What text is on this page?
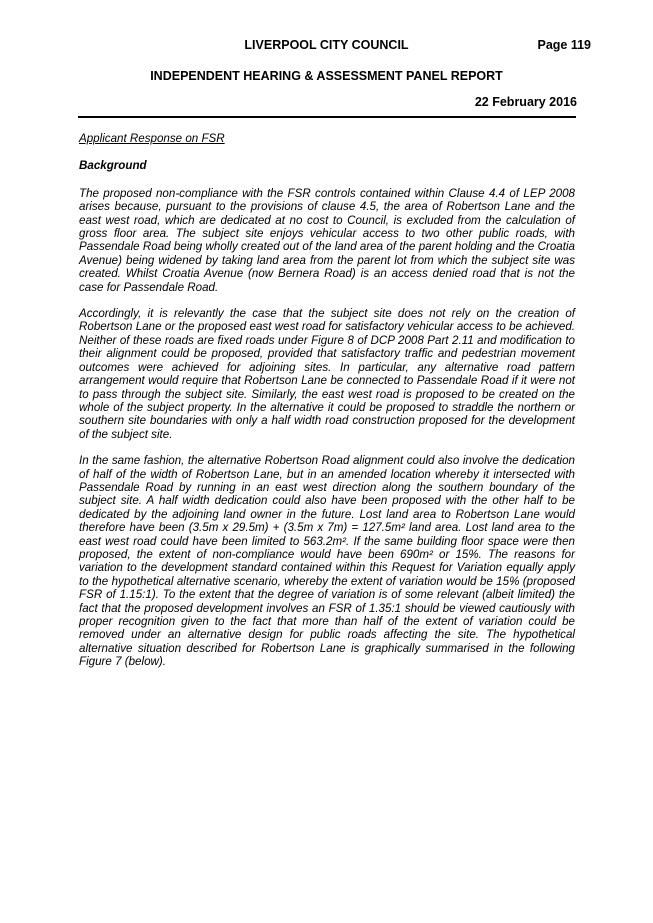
LIVERPOOL CITY COUNCIL	Page 119
INDEPENDENT HEARING & ASSESSMENT PANEL REPORT
22 February 2016
Applicant Response on FSR
Background

The proposed non-compliance with the FSR controls contained within Clause 4.4 of LEP 2008 arises because, pursuant to the provisions of clause 4.5, the area of Robertson Lane and the east west road, which are dedicated at no cost to Council, is excluded from the calculation of gross floor area. The subject site enjoys vehicular access to two other public roads, with Passendale Road being wholly created out of the land area of the parent holding and the Croatia Avenue) being widened by taking land area from the parent lot from which the subject site was created. Whilst Croatia Avenue (now Bernera Road) is an access denied road that is not the case for Passendale Road.

Accordingly, it is relevantly the case that the subject site does not rely on the creation of Robertson Lane or the proposed east west road for satisfactory vehicular access to be achieved. Neither of these roads are fixed roads under Figure 8 of DCP 2008 Part 2.11 and modification to their alignment could be proposed, provided that satisfactory traffic and pedestrian movement outcomes were achieved for adjoining sites. In particular, any alternative road pattern arrangement would require that Robertson Lane be connected to Passendale Road if it were not to pass through the subject site. Similarly, the east west road is proposed to be created on the whole of the subject property. In the alternative it could be proposed to straddle the northern or southern site boundaries with only a half width road construction proposed for the development of the subject site.

In the same fashion, the alternative Robertson Road alignment could also involve the dedication of half of the width of Robertson Lane, but in an amended location whereby it intersected with Passendale Road by running in an east west direction along the southern boundary of the subject site. A half width dedication could also have been proposed with the other half to be dedicated by the adjoining land owner in the future. Lost land area to Robertson Lane would therefore have been (3.5m x 29.5m) + (3.5m x 7m) = 127.5m² land area. Lost land area to the east west road could have been limited to 563.2m². If the same building floor space were then proposed, the extent of non-compliance would have been 690m² or 15%. The reasons for variation to the development standard contained within this Request for Variation equally apply to the hypothetical alternative scenario, whereby the extent of variation would be 15% (proposed FSR of 1.15:1). To the extent that the degree of variation is of some relevant (albeit limited) the fact that the proposed development involves an FSR of 1.35:1 should be viewed cautiously with proper recognition given to the fact that more than half of the extent of variation could be removed under an alternative design for public roads affecting the site. The hypothetical alternative situation described for Robertson Lane is graphically summarised in the following Figure 7 (below).
